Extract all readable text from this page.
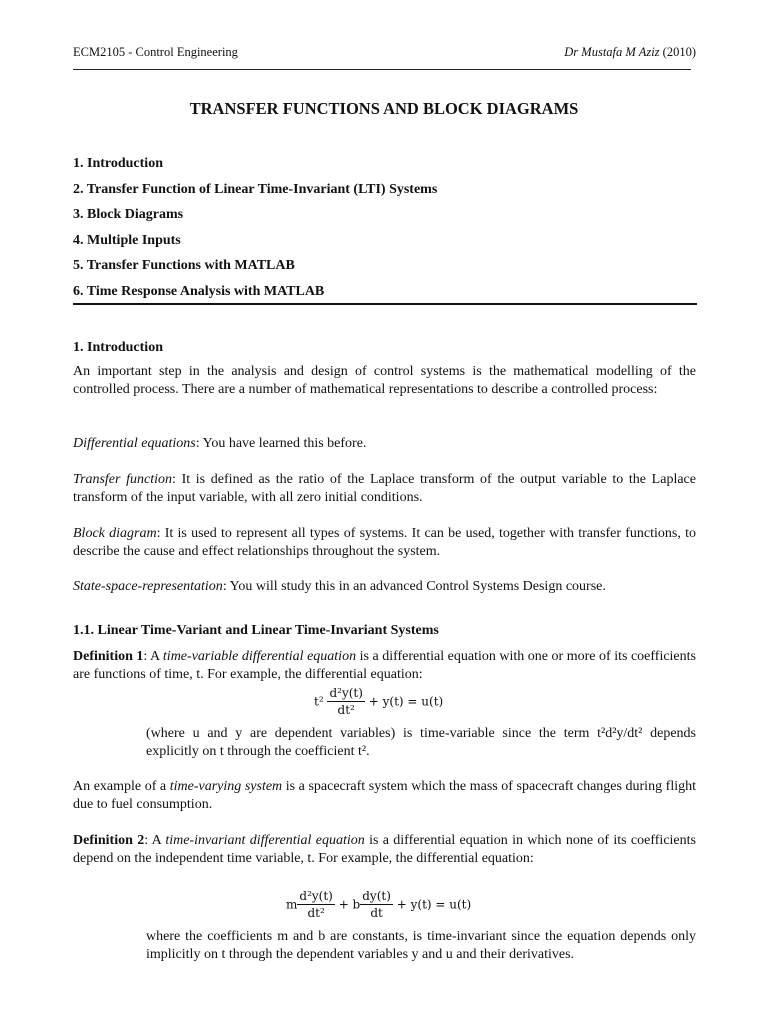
ECM2105 - Control Engineering	Dr Mustafa M Aziz (2010)
TRANSFER FUNCTIONS AND BLOCK DIAGRAMS
1. Introduction
2. Transfer Function of Linear Time-Invariant (LTI) Systems
3. Block Diagrams
4. Multiple Inputs
5. Transfer Functions with MATLAB
6. Time Response Analysis with MATLAB

1. Introduction

An important step in the analysis and design of control systems is the mathematical modelling of the controlled process. There are a number of mathematical representations to describe a controlled process:

Differential equations: You have learned this before.

Transfer function: It is defined as the ratio of the Laplace transform of the output variable to the Laplace transform of the input variable, with all zero initial conditions.

Block diagram: It is used to represent all types of systems. It can be used, together with transfer functions, to describe the cause and effect relationships throughout the system.

State-space-representation: You will study this in an advanced Control Systems Design course.

1.1. Linear Time-Variant and Linear Time-Invariant Systems

Definition 1: A time-variable differential equation is a differential equation with one or more of its coefficients are functions of time, t. For example, the differential equation:

$t^2 \frac{\text{d²y(t)}}{\text{dt²}} + y(t) = u(t)$

(where u and y are dependent variables) is time-variable since the term t²d²y/dt² depends explicitly on t through the coefficient t².

An example of a time-varying system is a spacecraft system which the mass of spacecraft changes during flight due to fuel consumption.

Definition 2: A time-invariant differential equation is a differential equation in which none of its coefficients depend on the independent time variable, t. For example, the differential equation:

m $\frac{\text{d²y(t)}}{\text{dt²}} + b \frac{dy(t)}{dt} + y(t) = u(t)$

where the coefficients m and b are constants, is time-invariant since the equation depends only implicitly on t through the dependent variables y and u and their derivatives.
